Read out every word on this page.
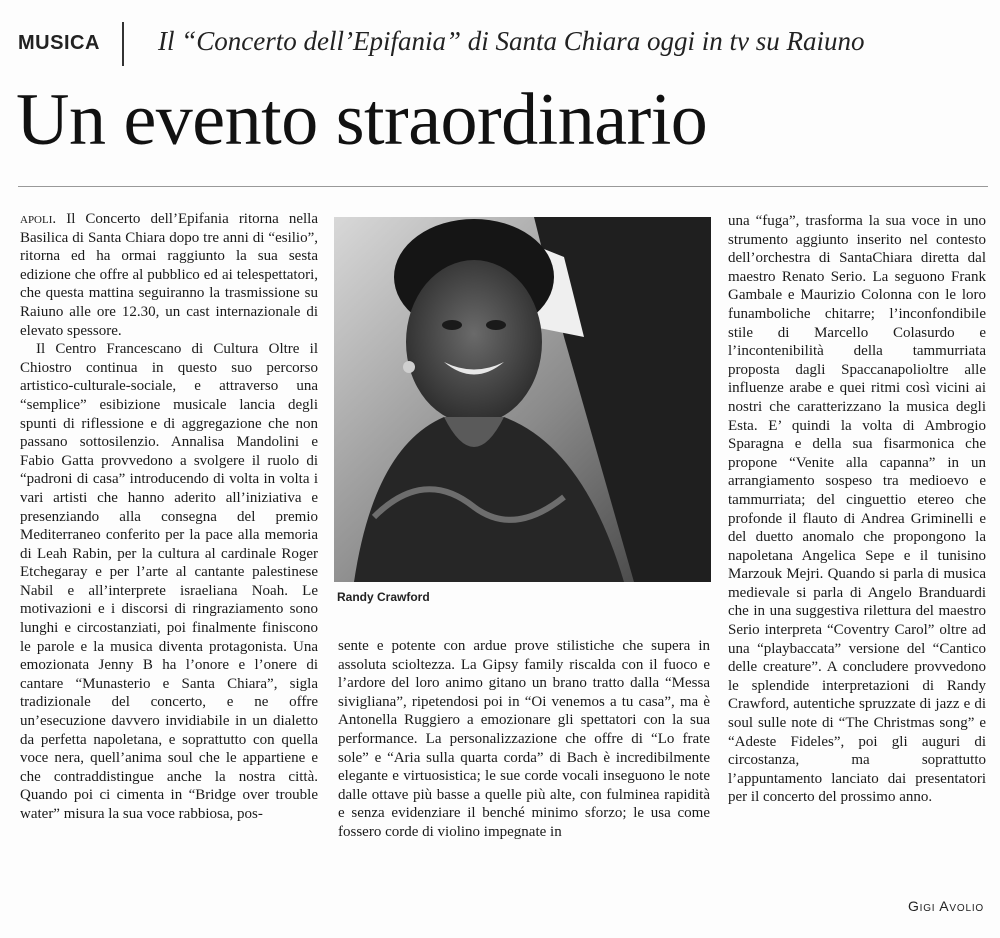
MUSICA Il “Concerto dell’Epifania” di Santa Chiara oggi in tv su Raiuno
Un evento straordinario

apoli. Il Concerto dell’Epifania ritorna nella Basilica di Santa Chiara dopo tre anni di “esilio”, ritorna ed ha ormai raggiunto la sua sesta edizione che offre al pubblico ed ai telespettatori, che questa mattina seguiranno la trasmissione su Raiuno alle ore 12.30, un cast internazionale di elevato spessore.

Il Centro Francescano di Cultura Oltre il Chiostro continua in questo suo percorso artistico-culturale-sociale, e attraverso una “semplice” esibizione musicale lancia degli spunti di riflessione e di aggregazione che non passano sottosilenzio. Annalisa Mandolini e Fabio Gatta provvedono a svolgere il ruolo di “padroni di casa” introducendo di volta in volta i vari artisti che hanno aderito all’iniziativa e presenziando alla consegna del premio Mediterraneo conferito per la pace alla memoria di Leah Rabin, per la cultura al cardinale Roger Etchegaray e per l’arte al cantante palestinese Nabil e all’interprete israeliana Noah. Le motivazioni e i discorsi di ringraziamento sono lunghi e circostanziati, poi finalmente finiscono le parole e la musica diventa protagonista. Una emozionata Jenny B ha l’onore e l’onere di cantare “Munasterio e Santa Chiara”, sigla tradizionale del concerto, e ne offre un’esecuzione davvero invidiabile in un dialetto da perfetta napoletana, e soprattutto con quella voce nera, quell’anima soul che le appartiene e che contraddistingue anche la nostra città. Quando poi ci cimenta in “Bridge over trouble water” misura la sua voce rabbiosa, pos-

Randy Crawford

sente e potente con ardue prove stilistiche che supera in assoluta scioltezza. La Gipsy family riscalda con il fuoco e l’ardore del loro animo gitano un brano tratto dalla “Messa sivigliana”, ripetendosi poi in “Oi venemos a tu casa”, ma è Antonella Ruggiero a emozionare gli spettatori con la sua performance. La personalizzazione che offre di “Lo frate sole” e “Aria sulla quarta corda” di Bach è incredibilmente elegante e virtuosistica; le sue corde vocali inseguono le note dalle ottave più basse a quelle più alte, con fulminea rapidità e senza evidenziare il benché minimo sforzo; le usa come fossero corde di violino impegnate in

una “fuga”, trasforma la sua voce in uno strumento aggiunto inserito nel contesto dell’orchestra di SantaChiara diretta dal maestro Renato Serio. La seguono Frank Gambale e Maurizio Colonna con le loro funamboliche chitarre; l’inconfondibile stile di Marcello Colasurdo e l’incontenibilità della tammurriata proposta dagli Spaccanapolioltre alle influenze arabe e quei ritmi così vicini ai nostri che caratterizzano la musica degli Esta. E’ quindi la volta di Ambrogio Sparagna e della sua fisarmonica che propone “Venite alla capanna” in un arrangiamento sospeso tra medioevo e tammurriata; del cinguettio etereo che profonde il flauto di Andrea Griminelli e del duetto anomalo che propongono la napoletana Angelica Sepe e il tunisino Marzouk Mejri. Quando si parla di musica medievale si parla di Angelo Branduardi che in una suggestiva rilettura del maestro Serio interpreta “Coventry Carol” oltre ad una “playbaccata” versione del “Cantico delle creature”. A concludere provvedono le splendide interpretazioni di Randy Crawford, autentiche spruzzate di jazz e di soul sulle note di “The Christmas song” e “Adeste Fideles”, poi gli auguri di circostanza, ma soprattutto l’appuntamento lanciato dai presentatori per il concerto del prossimo anno.

Gigi Avolio
